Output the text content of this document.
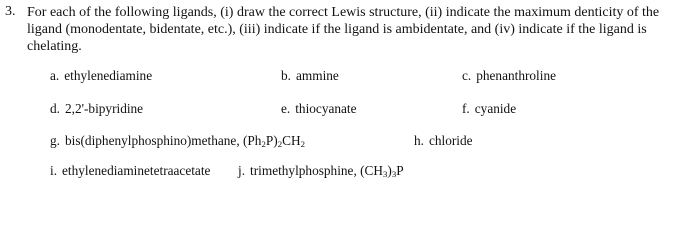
3. For each of the following ligands, (i) draw the correct Lewis structure, (ii) indicate the maximum denticity of the ligand (monodentate, bidentate, etc.), (iii) indicate if the ligand is ambidentate, and (iv) indicate if the ligand is chelating.

a. ethylenediamine	b. ammine	c. phenanthroline
d. 2,2'-bipyridine	e. thiocyanate	f. cyanide
g. bis(diphenylphosphino)methane, $(Ph_2P)_2CH_2$	h. chloride
i. ethylenediaminetetraacetate j. trimethylphosphine, $(CH_3)_3P$
